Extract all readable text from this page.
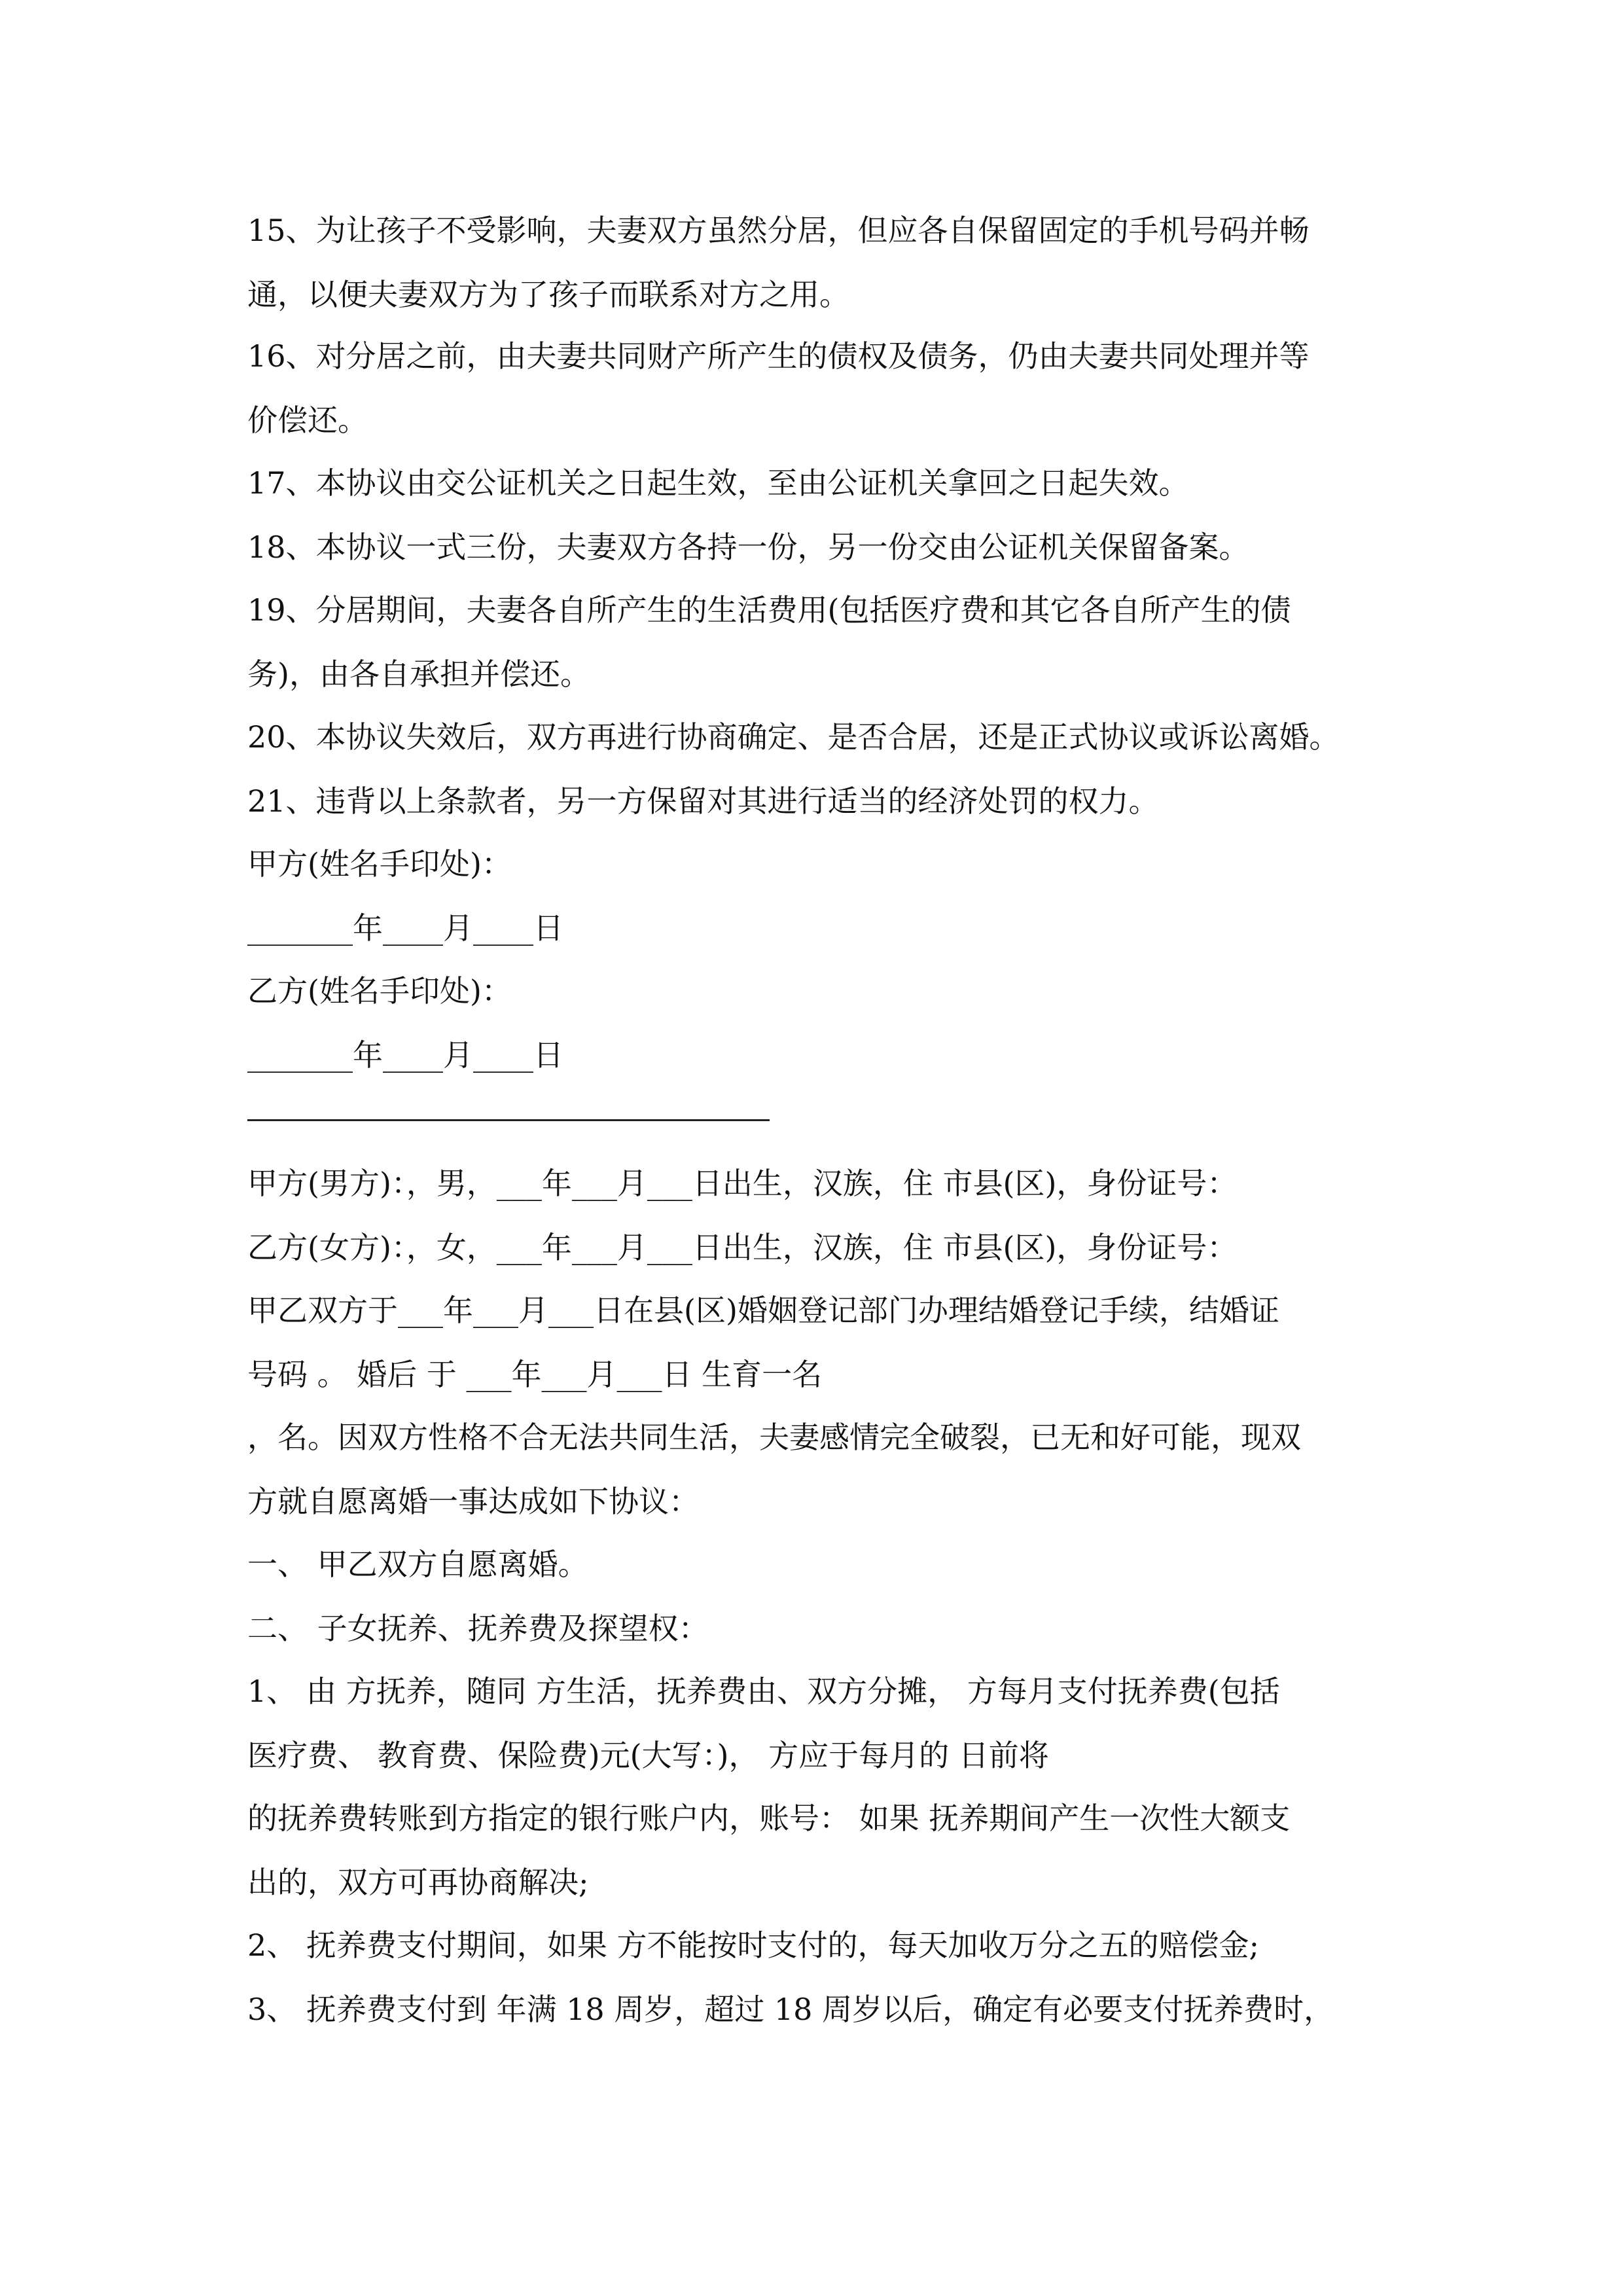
15、为让孩子不受影响，夫妻双方虽然分居，但应各自保留固定的手机号码并畅
通，以便夫妻双方为了孩子而联系对方之用。
16、对分居之前，由夫妻共同财产所产生的债权及债务，仍由夫妻共同处理并等
价偿还。
17、本协议由交公证机关之日起生效，至由公证机关拿回之日起失效。
18、本协议一式三份，夫妻双方各持一份，另一份交由公证机关保留备案。
19、分居期间，夫妻各自所产生的生活费用(包括医疗费和其它各自所产生的债
务)，由各自承担并偿还。
20、本协议失效后，双方再进行协商确定、是否合居，还是正式协议或诉讼离婚。
21、违背以上条款者，另一方保留对其进行适当的经济处罚的权力。
甲方(姓名手印处)：
_______年____月____日
乙方(姓名手印处)：
_______年____月____日
甲方(男方)：，男，___年___月___日出生，汉族，住 市县(区)，身份证号：
乙方(女方)：，女，___年___月___日出生，汉族，住 市县(区)，身份证号：
甲乙双方于___年___月___日在县(区)婚姻登记部门办理结婚登记手续，结婚证
号码 。 婚后 于 ___年___月___日 生育一名
，名。因双方性格不合无法共同生活，夫妻感情完全破裂，已无和好可能，现双
方就自愿离婚一事达成如下协议：
一、 甲乙双方自愿离婚。
二、 子女抚养、抚养费及探望权：
1、 由 方抚养，随同 方生活，抚养费由、双方分摊， 方每月支付抚养费(包括
医疗费、 教育费、保险费)元(大写：)， 方应于每月的 日前将
的抚养费转账到方指定的银行账户内，账号： 如果 抚养期间产生一次性大额支
出的，双方可再协商解决;
2、 抚养费支付期间，如果 方不能按时支付的，每天加收万分之五的赔偿金;
3、 抚养费支付到 年满 18 周岁，超过 18 周岁以后，确定有必要支付抚养费时，
